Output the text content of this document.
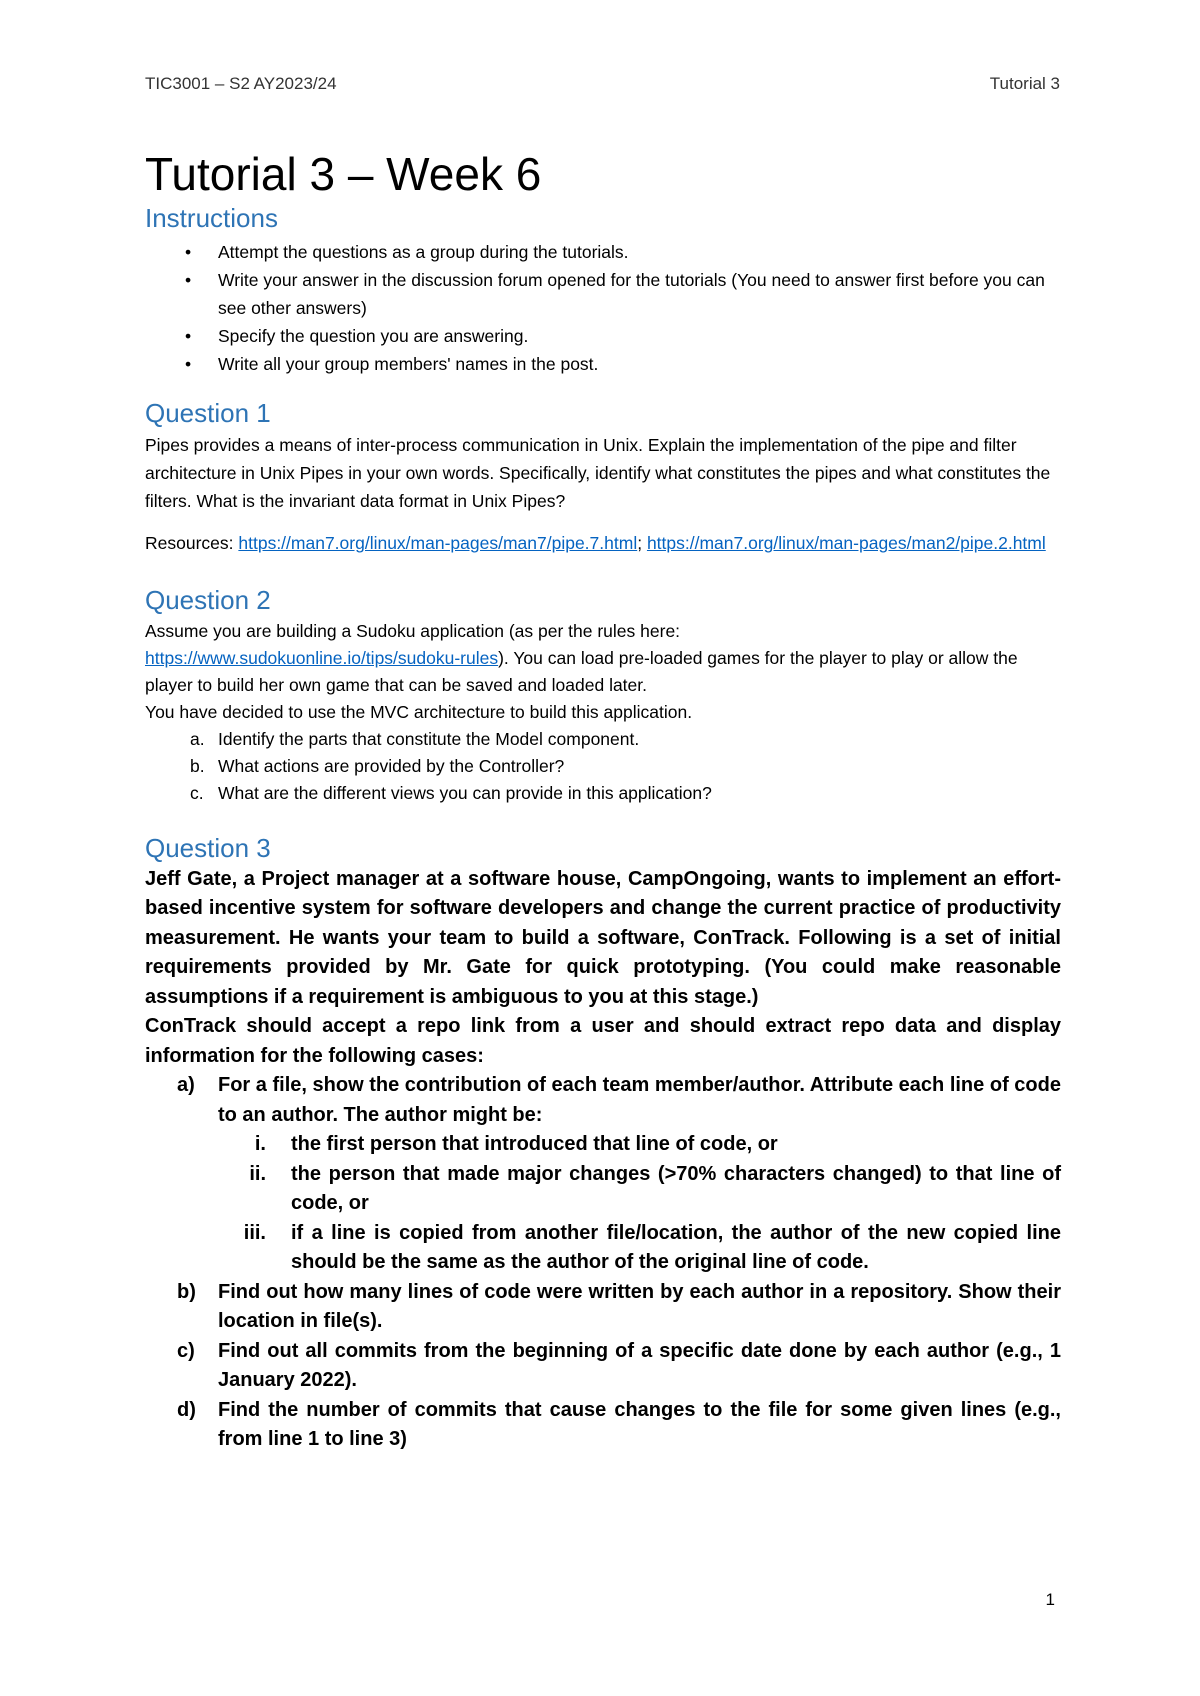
TIC3001 – S2 AY2023/24	Tutorial 3
Tutorial 3 – Week 6
Instructions
• Attempt the questions as a group during the tutorials.
• Write your answer in the discussion forum opened for the tutorials (You need to answer first before you can see other answers)
• Specify the question you are answering.
• Write all your group members' names in the post.
Question 1

Pipes provides a means of inter-process communication in Unix. Explain the implementation of the pipe and filter architecture in Unix Pipes in your own words. Specifically, identify what constitutes the pipes and what constitutes the filters. What is the invariant data format in Unix Pipes?

Resources: https://man7.org/linux/man-pages/man7/pipe.7.html; https://man7.org/linux/man-pages/man2/pipe.2.html

Question 2

Assume you are building a Sudoku application (as per the rules here:
https://www.sudokuonline.io/tips/sudoku-rules). You can load pre-loaded games for the player to play or allow the player to build her own game that can be saved and loaded later.
You have decided to use the MVC architecture to build this application.

a. Identify the parts that constitute the Model component.
b. What actions are provided by the Controller?
c. What are the different views you can provide in this application?
Question 3

Jeff Gate, a Project manager at a software house, CampOngoing, wants to implement an effort-based incentive system for software developers and change the current practice of productivity measurement. He wants your team to build a software, ConTrack. Following is a set of initial requirements provided by Mr. Gate for quick prototyping. (You could make reasonable assumptions if a requirement is ambiguous to you at this stage.)

ConTrack should accept a repo link from a user and should extract repo data and display information for the following cases:

a) For a file, show the contribution of each team member/author. Attribute each line of code to an author. The author might be:
i. the first person that introduced that line of code, or
ii. the person that made major changes (>70% characters changed) to that line of code, or
iii. if a line is copied from another file/location, the author of the new copied line should be the same as the author of the original line of code.
b) Find out how many lines of code were written by each author in a repository. Show their location in file(s).
c) Find out all commits from the beginning of a specific date done by each author (e.g., 1 January 2022).
d) Find the number of commits that cause changes to the file for some given lines (e.g., from line 1 to line 3)
1
